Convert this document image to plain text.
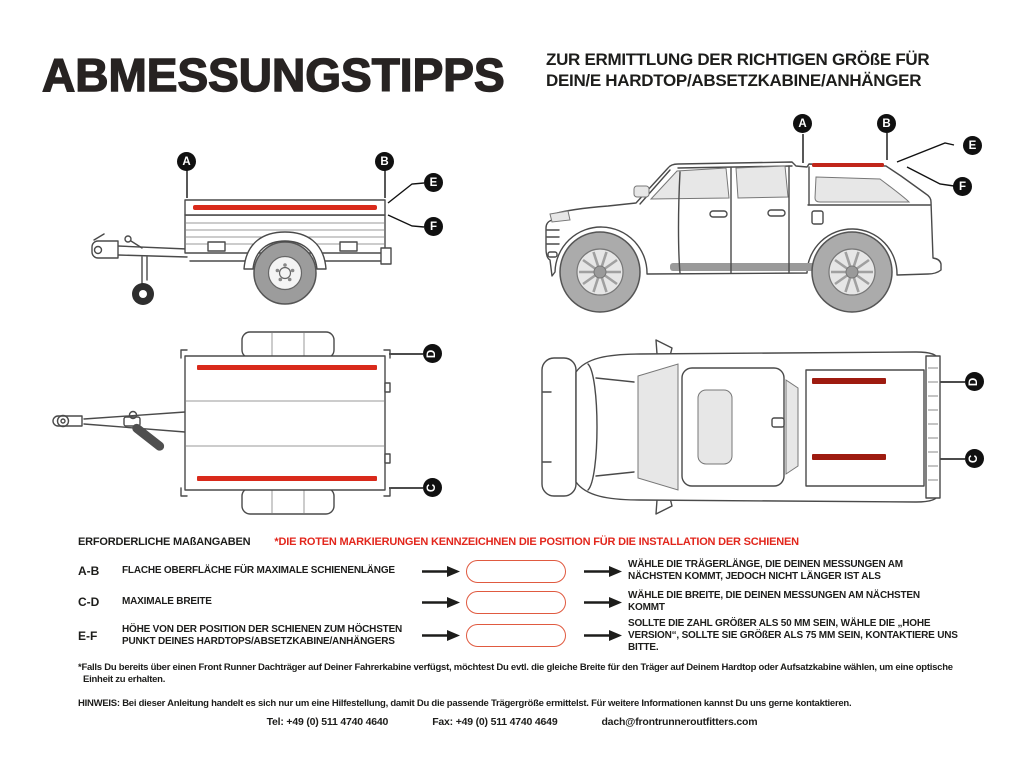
ABMESSUNGSTIPPS ZUR ERMITTLUNG DER RICHTIGEN GRÖßE FÜR
DEIN/E HARDTOP/ABSETZKABINE/ANHÄNGER
A	B
E
F
A	B
E
F
D
C
D
C
ERFORDERLICHE MAßANGABEN *DIE ROTEN MARKIERUNGEN KENNZEICHNEN DIE POSITION FÜR DIE INSTALLATION DER SCHIENEN
A-B	FLACHE OBERFLÄCHE FÜR MAXIMALE SCHIENENLÄNGE
WÄHLE DIE TRÄGERLÄNGE, DIE DEINEN MESSUNGEN AM NÄCHSTEN KOMMT, JEDOCH NICHT LÄNGER IST ALS
C-D	MAXIMALE BREITE
WÄHLE DIE BREITE, DIE DEINEN MESSUNGEN AM NÄCHSTEN KOMMT
E-F	HÖHE VON DER POSITION DER SCHIENEN ZUM HÖCHSTEN PUNKT DEINES HARDTOPS/ABSETZKABINE/ANHÄNGERS
SOLLTE DIE ZAHL GRÖßER ALS 50 MM SEIN, WÄHLE DIE „HOHE VERSION“, SOLLTE SIE GRÖßER ALS 75 MM SEIN, KONTAKTIERE UNS BITTE.

*Falls Du bereits über einen Front Runner Dachträger auf Deiner Fahrerkabine verfügst, möchtest Du evtl. die gleiche Breite für den Träger auf Deinem Hardtop oder Aufsatzkabine wählen, um eine optische Einheit zu erhalten.

HINWEIS: Bei dieser Anleitung handelt es sich nur um eine Hilfestellung, damit Du die passende Trägergröße ermittelst. Für weitere Informationen kannst Du uns gerne kontaktieren.

Tel: +49 (0) 511 4740 4640	Fax: +49 (0) 511 4740 4649	dach@frontrunneroutfitters.com
